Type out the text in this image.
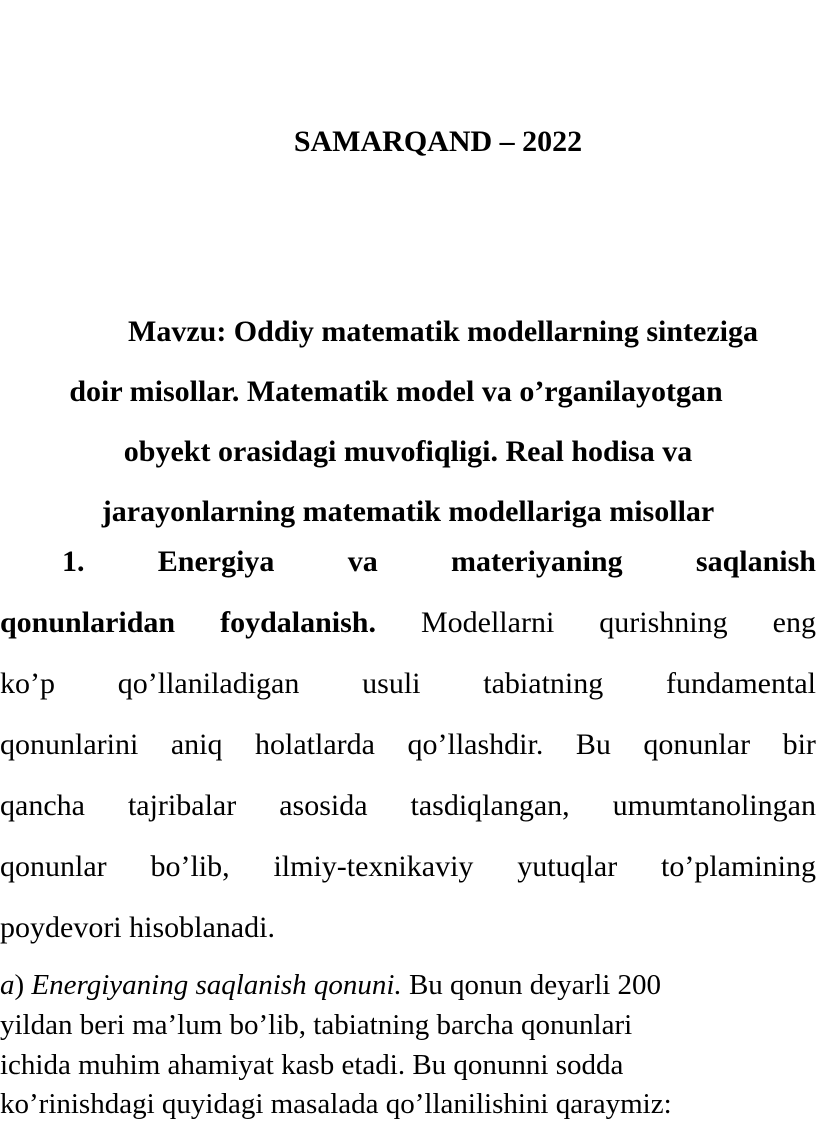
SAMARQAND – 2022
Mavzu: Oddiy matematik modellarning sinteziga
doir misollar. Matematik model va o’rganilayotgan
obyekt orasidagi muvofiqligi. Real hodisa va
jarayonlarning matematik modellariga misollar
1. Energiya va materiyaning saqlanish
qonunlaridan foydalanish. Modellarni qurishning eng
ko’p qo’llaniladigan usuli tabiatning fundamental
qonunlarini aniq holatlarda qo’llashdir. Bu qonunlar bir
qancha tajribalar asosida tasdiqlangan, umumtanolingan
qonunlar bo’lib, ilmiy-texnikaviy yutuqlar to’plamining
poydevori hisoblanadi.
a) Energiyaning saqlanish qonuni. Bu qonun deyarli 200
yildan beri ma’lum bo’lib, tabiatning barcha qonunlari
ichida muhim ahamiyat kasb etadi. Bu qonunni sodda
ko’rinishdagi quyidagi masalada qo’llanilishini qaraymiz:
